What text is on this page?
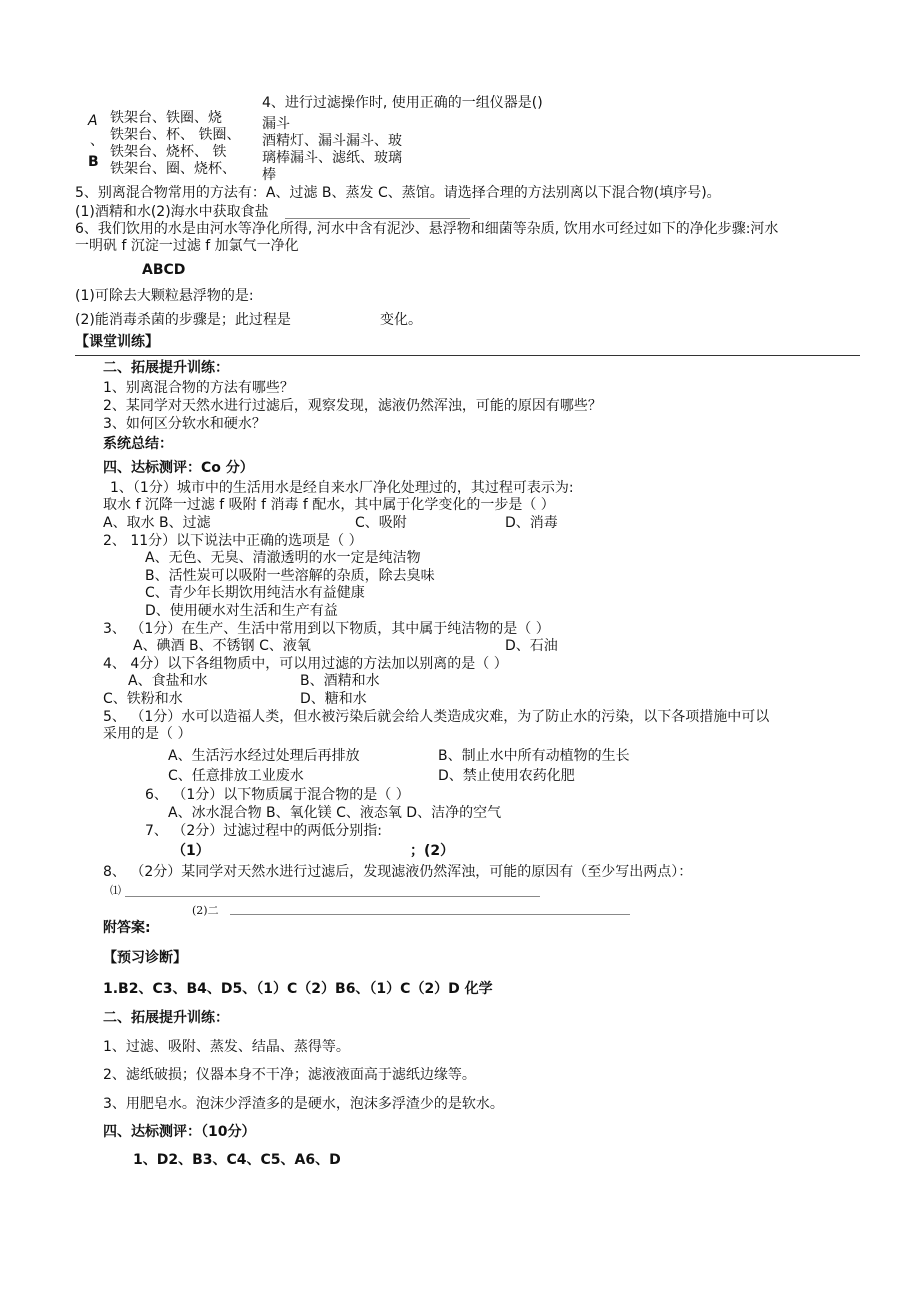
A
、
B
铁架台、铁圈、烧
铁架台、杯、 铁圈、
铁架台、烧杯、 铁
铁架台、圈、烧杯、
4、进行过滤操作时, 使用正确的一组仪器是()
漏斗
酒精灯、漏斗漏斗、玻
璃棒漏斗、滤纸、玻璃
棒
5、别离混合物常用的方法有：A、过滤 B、蒸发 C、蒸馆。请选择合理的方法别离以下混合物(填序号)。
(1)酒精和水(2)海水中获取食盐
6、我们饮用的水是由河水等净化所得, 河水中含有泥沙、悬浮物和细菌等杂质, 饮用水可经过如下的净化步骤:河水
一明矾 f 沉淀一过滤 f 加氯气一净化
ABCD
(1)可除去大颗粒悬浮物的是:
(2)能消毒杀菌的步骤是；此过程是	变化。
【课堂训练】
二、拓展提升训练：
1、别离混合物的方法有哪些？
2、某同学对天然水进行过滤后，观察发现，滤液仍然浑浊，可能的原因有哪些？
3、如何区分软水和硬水？
系统总结：
四、达标测评：Co 分）
1、（1分）城市中的生活用水是经自来水厂净化处理过的，其过程可表示为:
取水 f 沉降一过滤 f 吸附 f 消毒 f 配水，其中属于化学变化的一步是（ ）
A、取水 B、过滤	C、吸附	D、消毒
2、 11分）以下说法中正确的选项是（ ）
A、无色、无臭、清澈透明的水一定是纯洁物
B、活性炭可以吸附一些溶解的杂质，除去臭味
C、青少年长期饮用纯洁水有益健康
D、使用硬水对生活和生产有益
3、 （1分）在生产、生活中常用到以下物质，其中属于纯洁物的是（ ）
A、碘酒 B、不锈钢 C、液氧	D、石油
4、 4分）以下各组物质中，可以用过滤的方法加以别离的是（ ）
A、食盐和水	B、酒精和水
C、铁粉和水	D、糖和水
5、 （1分）水可以造福人类，但水被污染后就会给人类造成灾难，为了防止水的污染，以下各项措施中可以
采用的是（ ）
A、生活污水经过处理后再排放	B、制止水中所有动植物的生长
C、任意排放工业废水	D、禁止使用农药化肥
6、 （1分）以下物质属于混合物的是（ ）
A、冰水混合物 B、氧化镁 C、液态氧 D、洁净的空气
7、 （2分）过滤过程中的两低分别指:
（1）	；(2）
8、 （2分）某同学对天然水进行过滤后，发现滤液仍然浑浊，可能的原因有（至少写出两点）：
⑴
(2)二
附答案:
【预习诊断】
1.B2、C3、B4、D5、（1）C（2）B6、（1）C（2）D 化学
二、拓展提升训练：
1、过滤、吸附、蒸发、结晶、蒸得等。
2、滤纸破损；仪器本身不干净；滤液液面高于滤纸边缘等。
3、用肥皂水。泡沫少浮渣多的是硬水，泡沫多浮渣少的是软水。
四、达标测评：（10分）
1、D2、B3、C4、C5、A6、D
